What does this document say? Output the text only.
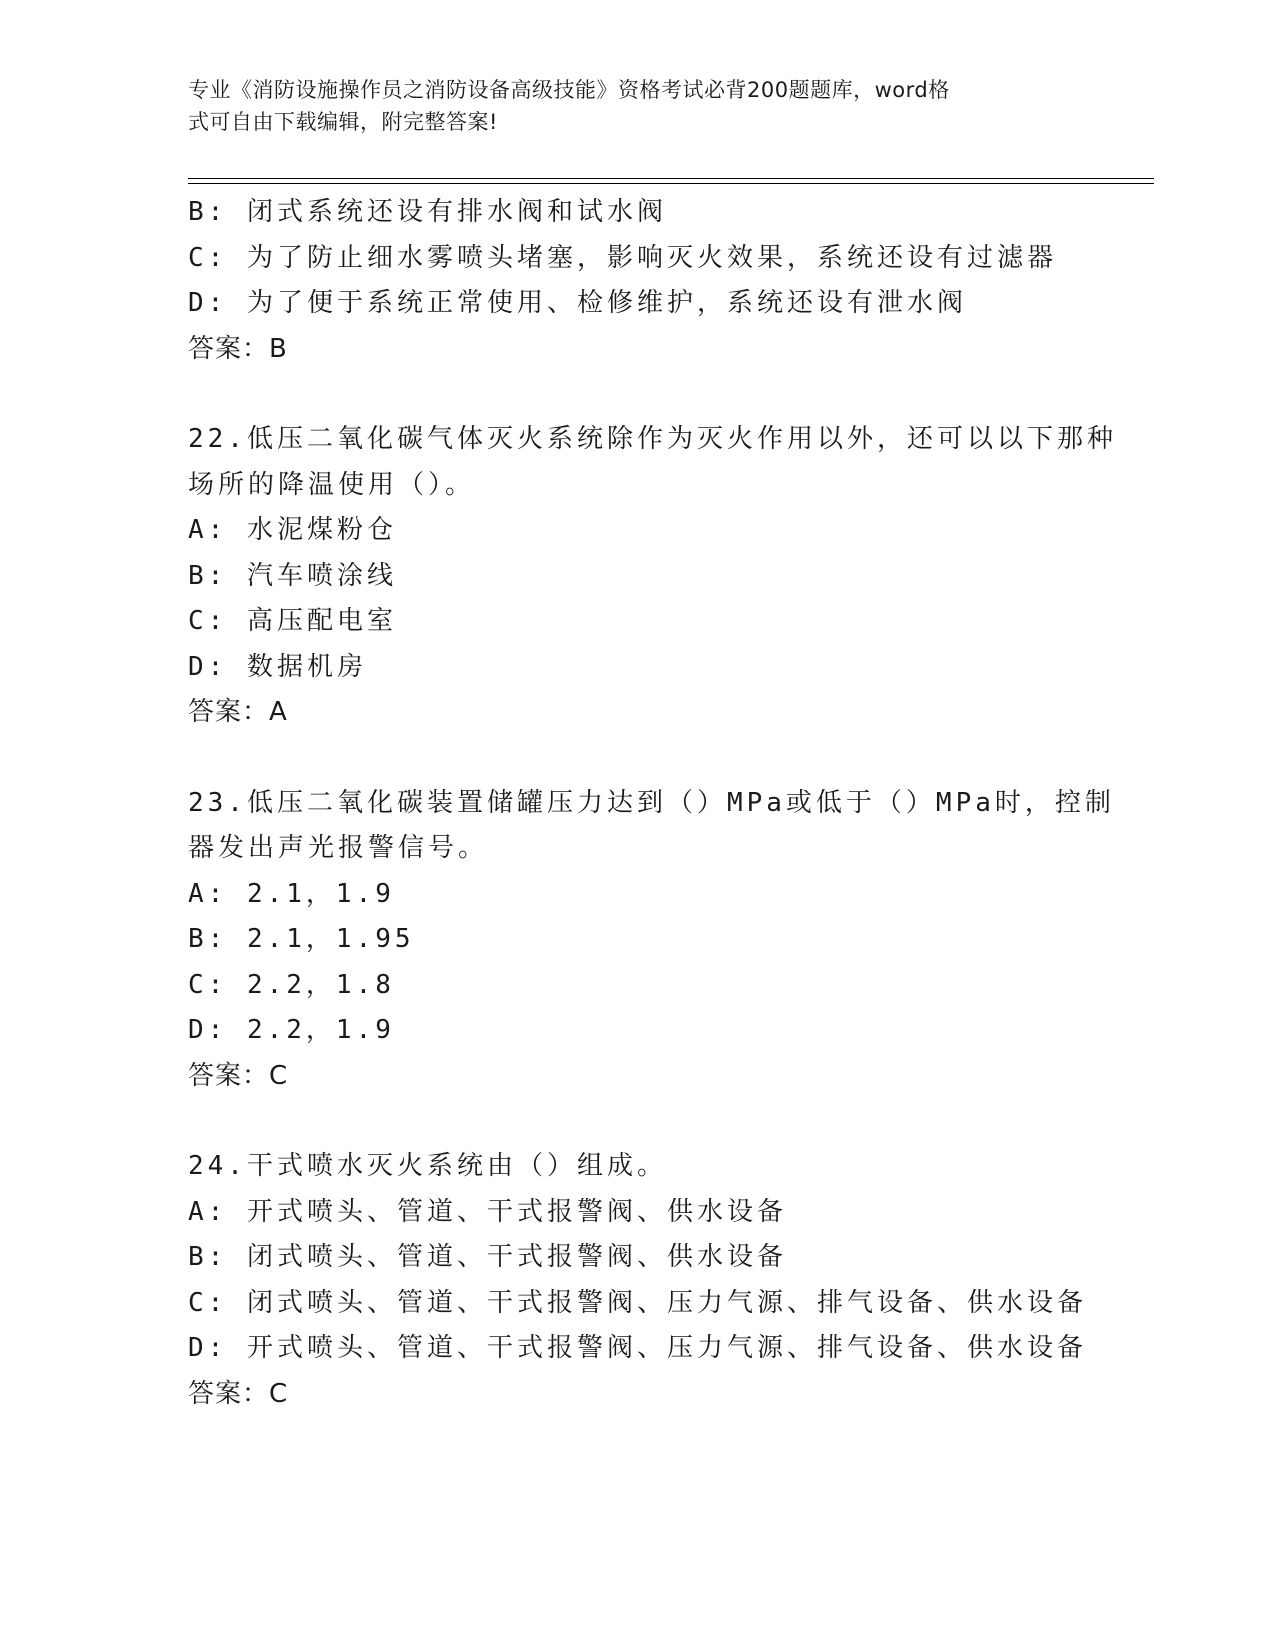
专业《消防设施操作员之消防设备高级技能》资格考试必背200题题库，word格
式可自由下载编辑，附完整答案!
B: 闭式系统还设有排水阀和试水阀
C: 为了防止细水雾喷头堵塞，影响灭火效果，系统还设有过滤器
D: 为了便于系统正常使用、检修维护，系统还设有泄水阀
答案：B
22.低压二氧化碳气体灭火系统除作为灭火作用以外，还可以以下那种
场所的降温使用（）。
A: 水泥煤粉仓
B: 汽车喷涂线
C: 高压配电室
D: 数据机房
答案：A
23.低压二氧化碳装置储罐压力达到（）MPa或低于（）MPa时，控制
器发出声光报警信号。
A: 2.1，1.9
B: 2.1，1.95
C: 2.2，1.8
D: 2.2，1.9
答案：C
24.干式喷水灭火系统由（）组成。
A: 开式喷头、管道、干式报警阀、供水设备
B: 闭式喷头、管道、干式报警阀、供水设备
C: 闭式喷头、管道、干式报警阀、压力气源、排气设备、供水设备
D: 开式喷头、管道、干式报警阀、压力气源、排气设备、供水设备
答案：C
